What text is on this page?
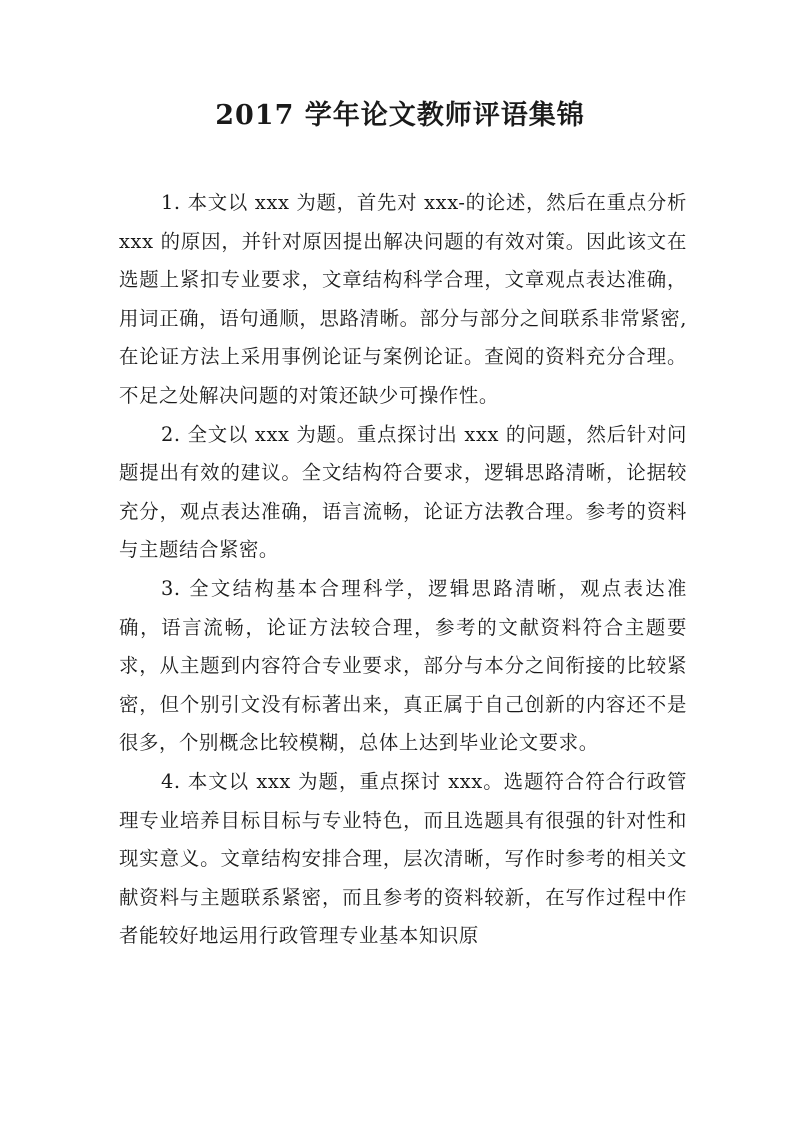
2017 学年论文教师评语集锦

1. 本文以 xxx 为题，首先对 xxx-的论述，然后在重点分析 xxx 的原因，并针对原因提出解决问题的有效对策。因此该文在选题上紧扣专业要求，文章结构科学合理，文章观点表达准确，用词正确，语句通顺，思路清晰。部分与部分之间联系非常紧密,在论证方法上采用事例论证与案例论证。查阅的资料充分合理。不足之处解决问题的对策还缺少可操作性。

2. 全文以 xxx 为题。重点探讨出 xxx 的问题，然后针对问题提出有效的建议。全文结构符合要求，逻辑思路清晰，论据较充分，观点表达准确，语言流畅，论证方法教合理。参考的资料与主题结合紧密。

3. 全文结构基本合理科学，逻辑思路清晰，观点表达准确，语言流畅，论证方法较合理，参考的文献资料符合主题要求，从主题到内容符合专业要求，部分与本分之间衔接的比较紧密，但个别引文没有标著出来，真正属于自己创新的内容还不是很多，个别概念比较模糊，总体上达到毕业论文要求。

4. 本文以 xxx 为题，重点探讨 xxx。选题符合符合行政管理专业培养目标目标与专业特色，而且选题具有很强的针对性和现实意义。文章结构安排合理，层次清晰，写作时参考的相关文献资料与主题联系紧密，而且参考的资料较新，在写作过程中作者能较好地运用行政管理专业基本知识原
